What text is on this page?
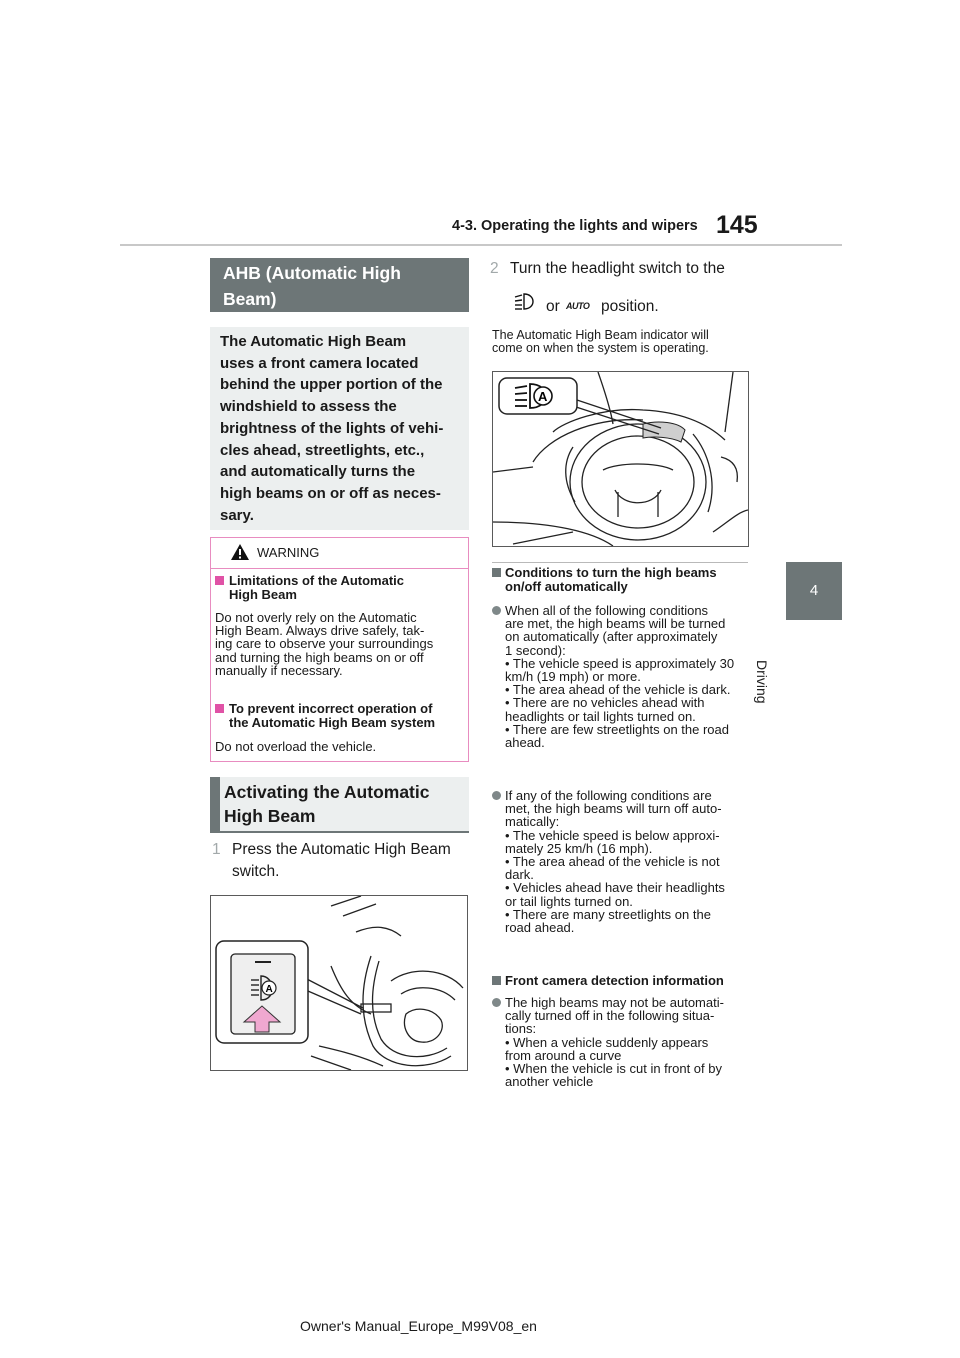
4-3. Operating the lights and wipers 145
4
Driving
AHB (Automatic High
Beam)
The Automatic High Beam
uses a front camera located
behind the upper portion of the
windshield to assess the
brightness of the lights of vehi-
cles ahead, streetlights, etc.,
and automatically turns the
high beams on or off as neces-
sary.
WARNING
Limitations of the Automatic
High Beam
Do not overly rely on the Automatic
High Beam. Always drive safely, tak-
ing care to observe your surroundings
and turning the high beams on or off
manually if necessary.
To prevent incorrect operation of
the Automatic High Beam system
Do not overload the vehicle.
Activating the Automatic
High Beam
1 Press the Automatic High Beam
switch.
A
2 Turn the headlight switch to the
or AUTO position.
The Automatic High Beam indicator will
come on when the system is operating.
A
Conditions to turn the high beams
on/off automatically
When all of the following conditions
are met, the high beams will be turned
on automatically (after approximately
1 second):
• The vehicle speed is approximately 30
km/h (19 mph) or more.
• The area ahead of the vehicle is dark.
• There are no vehicles ahead with
headlights or tail lights turned on.
• There are few streetlights on the road
ahead.
If any of the following conditions are
met, the high beams will turn off auto-
matically:
• The vehicle speed is below approxi-
mately 25 km/h (16 mph).
• The area ahead of the vehicle is not
dark.
• Vehicles ahead have their headlights
or tail lights turned on.
• There are many streetlights on the
road ahead.
Front camera detection information
The high beams may not be automati-
cally turned off in the following situa-
tions:
• When a vehicle suddenly appears
from around a curve
• When the vehicle is cut in front of by
another vehicle
Owner's Manual_Europe_M99V08_en
